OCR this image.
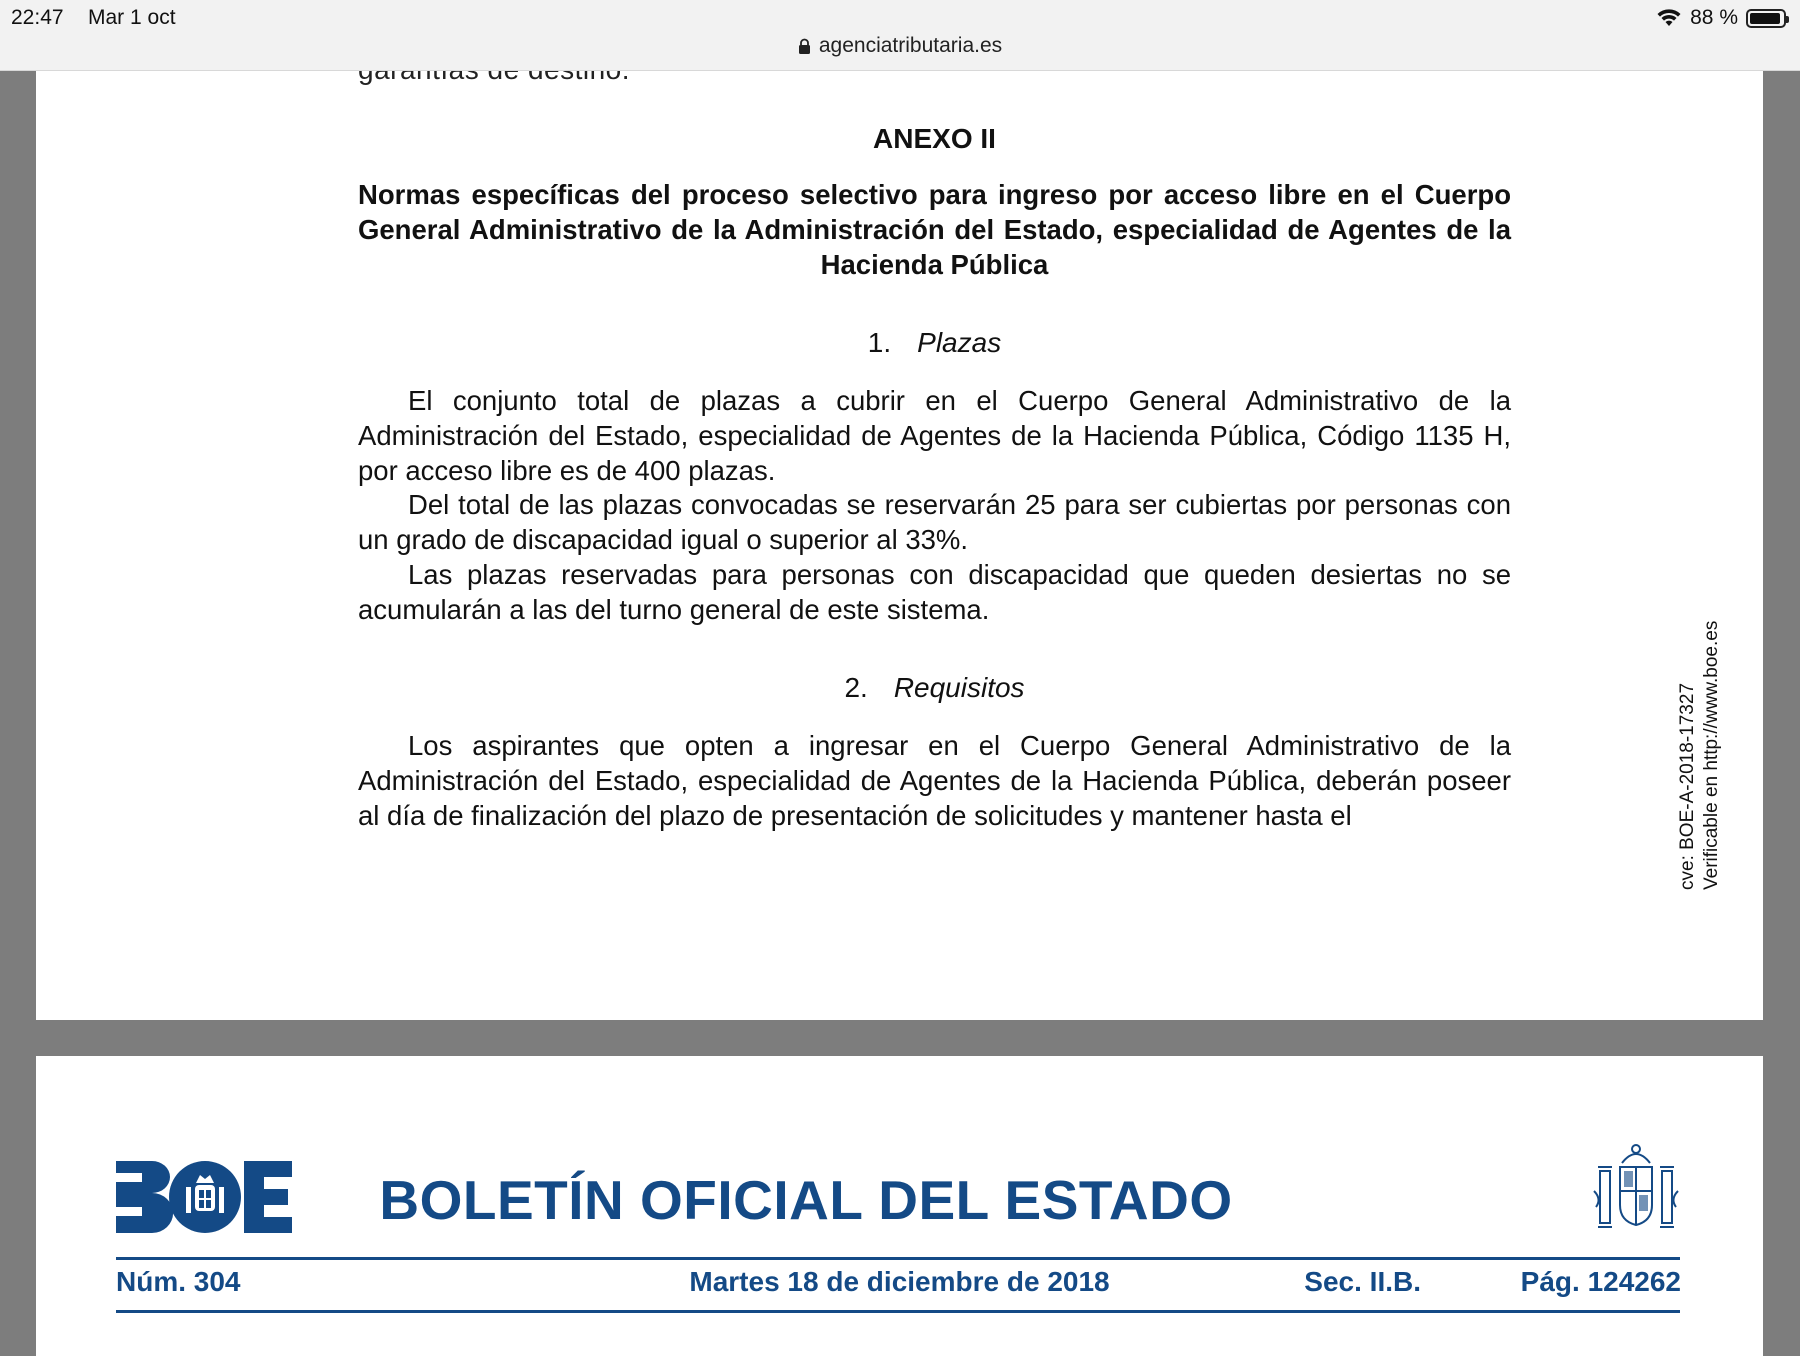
22:47 Mar 1 oct	88 %
agenciatributaria.es
ANEXO II
Normas específicas del proceso selectivo para ingreso por acceso libre en el Cuerpo General Administrativo de la Administración del Estado, especialidad de Agentes de la Hacienda Pública
1. Plazas

El conjunto total de plazas a cubrir en el Cuerpo General Administrativo de la Administración del Estado, especialidad de Agentes de la Hacienda Pública, Código 1135 H, por acceso libre es de 400 plazas.

Del total de las plazas convocadas se reservarán 25 para ser cubiertas por personas con un grado de discapacidad igual o superior al 33%.

Las plazas reservadas para personas con discapacidad que queden desiertas no se acumularán a las del turno general de este sistema.

2. Requisitos

Los aspirantes que opten a ingresar en el Cuerpo General Administrativo de la Administración del Estado, especialidad de Agentes de la Hacienda Pública, deberán poseer al día de finalización del plazo de presentación de solicitudes y mantener hasta el	cve: BOE-A-2018-17327 Verificable en http://www.boe.es
BOLETÍN OFICIAL DEL ESTADO
Núm. 304	Martes 18 de diciembre de 2018	Sec. II.B.	Pág. 124262
